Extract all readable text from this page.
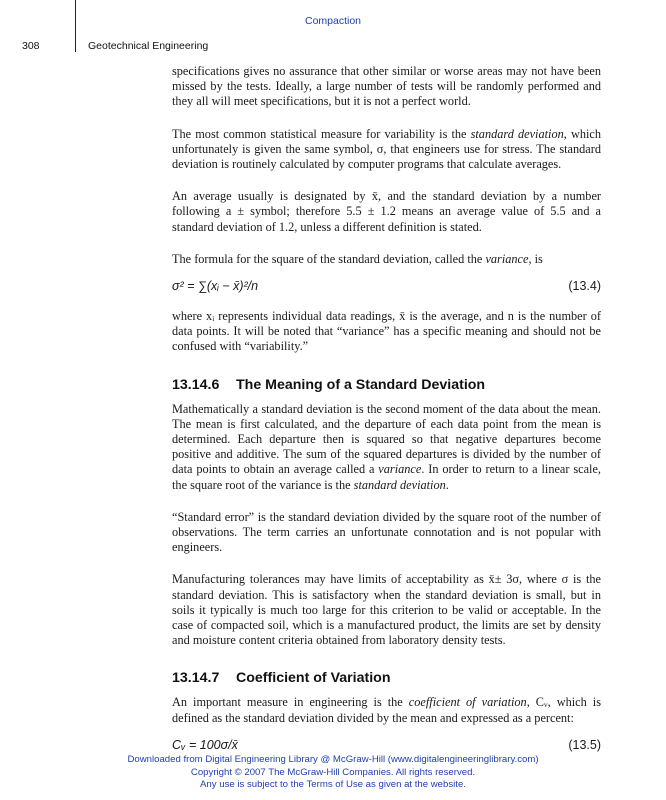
Compaction
308	Geotechnical Engineering

specifications gives no assurance that other similar or worse areas may not have been missed by the tests. Ideally, a large number of tests will be randomly performed and they all will meet specifications, but it is not a perfect world.

The most common statistical measure for variability is the standard deviation, which unfortunately is given the same symbol, σ, that engineers use for stress. The standard deviation is routinely calculated by computer programs that calculate averages.

An average usually is designated by x̄, and the standard deviation by a number following a ± symbol; therefore 5.5 ± 1.2 means an average value of 5.5 and a standard deviation of 1.2, unless a different definition is stated.

The formula for the square of the standard deviation, called the variance, is

σ² = ∑(xᵢ − x̄)²/n	(13.4)

where xᵢ represents individual data readings, x̄ is the average, and n is the number of data points. It will be noted that “variance” has a specific meaning and should not be confused with “variability.”

13.14.6 The Meaning of a Standard Deviation

Mathematically a standard deviation is the second moment of the data about the mean. The mean is first calculated, and the departure of each data point from the mean is determined. Each departure then is squared so that negative departures become positive and additive. The sum of the squared departures is divided by the number of data points to obtain an average called a variance. In order to return to a linear scale, the square root of the variance is the standard deviation.

“Standard error” is the standard deviation divided by the square root of the number of observations. The term carries an unfortunate connotation and is not popular with engineers.

Manufacturing tolerances may have limits of acceptability as x̄± 3σ, where σ is the standard deviation. This is satisfactory when the standard deviation is small, but in soils it typically is much too large for this criterion to be valid or acceptable. In the case of compacted soil, which is a manufactured product, the limits are set by density and moisture content criteria obtained from laboratory density tests.

13.14.7 Coefficient of Variation

An important measure in engineering is the coefficient of variation, Cᵥ, which is defined as the standard deviation divided by the mean and expressed as a percent:

Cᵥ = 100σ/x̄	(13.5)
Downloaded from Digital Engineering Library @ McGraw-Hill (www.digitalengineeringlibrary.com)
Copyright © 2007 The McGraw-Hill Companies. All rights reserved.
Any use is subject to the Terms of Use as given at the website.
